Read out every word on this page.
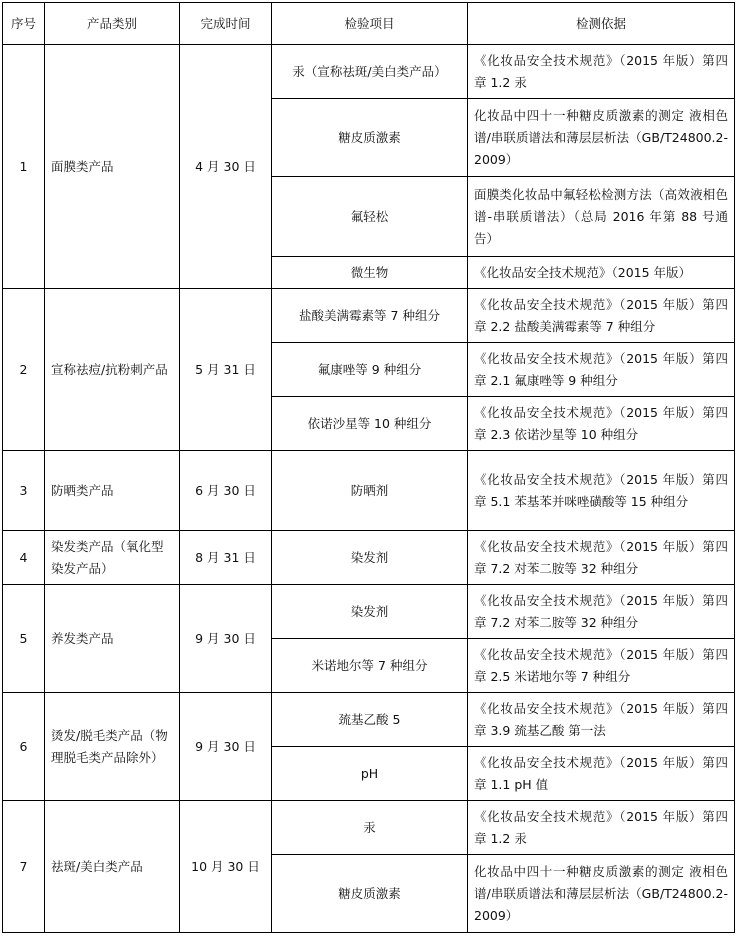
序号	产品类别	完成时间	检验项目	检测依据
1	面膜类产品	4 月 30 日	汞（宣称祛斑/美白类产品）	《化妆品安全技术规范》（2015 年版）第四章 1.2 汞
			糖皮质激素	化妆品中四十一种糖皮质激素的测定 液相色谱/串联质谱法和薄层层析法（GB/T24800.2-2009）
			氟轻松	面膜类化妆品中氟轻松检测方法（高效液相色谱-串联质谱法）（总局 2016 年第 88 号通告）
			微生物	《化妆品安全技术规范》（2015 年版）
2	宣称祛痘/抗粉刺产品	5 月 31 日	盐酸美满霉素等 7 种组分	《化妆品安全技术规范》（2015 年版）第四章 2.2 盐酸美满霉素等 7 种组分
			氟康唑等 9 种组分	《化妆品安全技术规范》（2015 年版）第四章 2.1 氟康唑等 9 种组分
			依诺沙星等 10 种组分	《化妆品安全技术规范》（2015 年版）第四章 2.3 依诺沙星等 10 种组分
3	防晒类产品	6 月 30 日	防晒剂	《化妆品安全技术规范》（2015 年版）第四章 5.1 苯基苯并咪唑磺酸等 15 种组分
4	染发类产品（氧化型染发产品）	8 月 31 日	染发剂	《化妆品安全技术规范》（2015 年版）第四章 7.2 对苯二胺等 32 种组分
5	养发类产品	9 月 30 日	染发剂	《化妆品安全技术规范》（2015 年版）第四章 7.2 对苯二胺等 32 种组分
			米诺地尔等 7 种组分	《化妆品安全技术规范》（2015 年版）第四章 2.5 米诺地尔等 7 种组分
6	烫发/脱毛类产品（物理脱毛类产品除外）	9 月 30 日	巯基乙酸 5	《化妆品安全技术规范》（2015 年版）第四章 3.9 巯基乙酸 第一法
			pH	《化妆品安全技术规范》（2015 年版）第四章 1.1 pH 值
7	祛斑/美白类产品	10 月 30 日	汞	《化妆品安全技术规范》（2015 年版）第四章 1.2 汞
			糖皮质激素	化妆品中四十一种糖皮质激素的测定 液相色谱/串联质谱法和薄层层析法（GB/T24800.2-2009）
